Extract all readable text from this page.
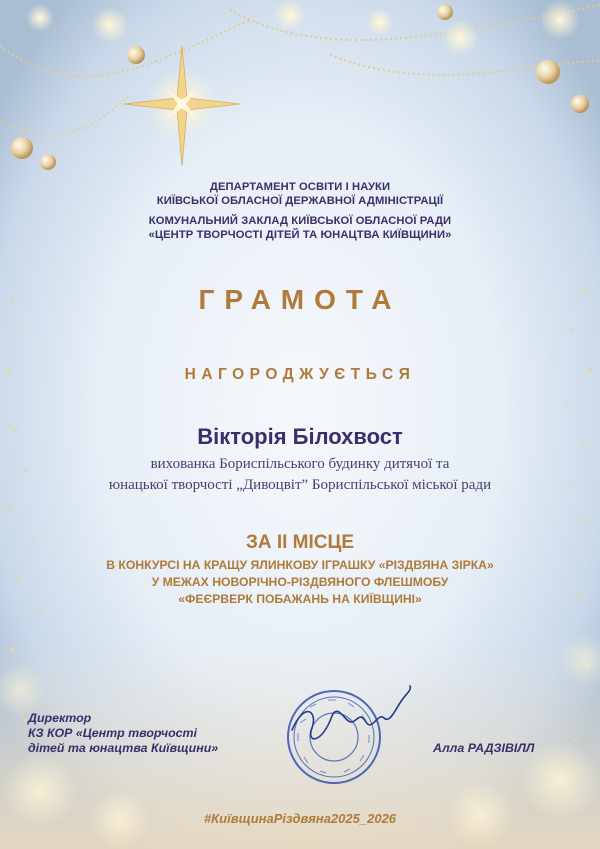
ДЕПАРТАМЕНТ ОСВІТИ І НАУКИ
КИЇВСЬКОЇ ОБЛАСНОЇ ДЕРЖАВНОЇ АДМІНІСТРАЦІЇ
КОМУНАЛЬНИЙ ЗАКЛАД КИЇВСЬКОЇ ОБЛАСНОЇ РАДИ
«ЦЕНТР ТВОРЧОСТІ ДІТЕЙ ТА ЮНАЦТВА КИЇВЩИНИ»
ГРАМОТА
НАГОРОДЖУЄТЬСЯ
Вікторія Білохвост
вихованка Бориспільського будинку дитячої та
юнацької творчості „Дивоцвіт” Бориспільської міської ради
ЗА ІІ МІСЦЕ
В КОНКУРСІ НА КРАЩУ ЯЛИНКОВУ ІГРАШКУ «РІЗДВЯНА ЗІРКА»
У МЕЖАХ НОВОРІЧНО-РІЗДВЯНОГО ФЛЕШМОБУ
«ФЕЄРВЕРК ПОБАЖАНЬ НА КИЇВЩИНІ»
Директор
КЗ КОР «Центр творчості
дітей та юнацтва Київщини»	Алла РАДЗІВІЛЛ
#КиївщинаРіздвяна2025_2026
